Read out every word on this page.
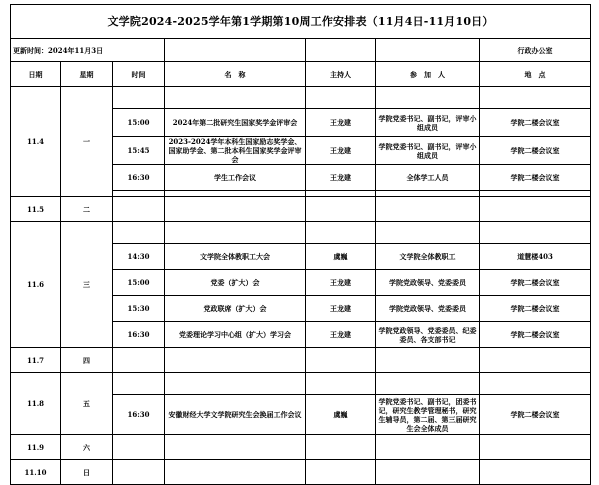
文学院2024-2025学年第1学期第10周工作安排表（11月4日-11月10日）						
更新时间：2024年11月3日						行政办公室
日期	星期	时间	名　称	主持人	参　加　人	地　点
11.4	一					
		15:00	2024年第二批研究生国家奖学金评审会	王龙建	学院党委书记、副书记，评审小组成员	学院二楼会议室
		15:45	2023-2024学年本科生国家励志奖学金、国家助学金、第二批本科生国家奖学金评审会	王龙建	学院党委书记、副书记，评审小组成员	学院二楼会议室
		16:30	学生工作会议	王龙建	全体学工人员	学院二楼会议室

11.5	二					
11.6	三					
		14:30	文学院全体教职工大会	虞巍	文学院全体教职工	道慧楼403
		15:00	党委（扩大）会	王龙建	学院党政领导、党委委员	学院二楼会议室
		15:30	党政联席（扩大）会	王龙建	学院党政领导、党委委员	学院二楼会议室
		16:30	党委理论学习中心组（扩大）学习会	王龙建	学院党政领导、党委委员、纪委委员、各支部书记	学院二楼会议室
11.7	四					
11.8	五					
		16:30	安徽财经大学文学院研究生会换届工作会议	虞巍	学院党委书记、副书记，团委书记，研究生教学管理秘书，研究生辅导员，第二届、第三届研究生会全体成员	学院二楼会议室
11.9	六					
11.10	日					
